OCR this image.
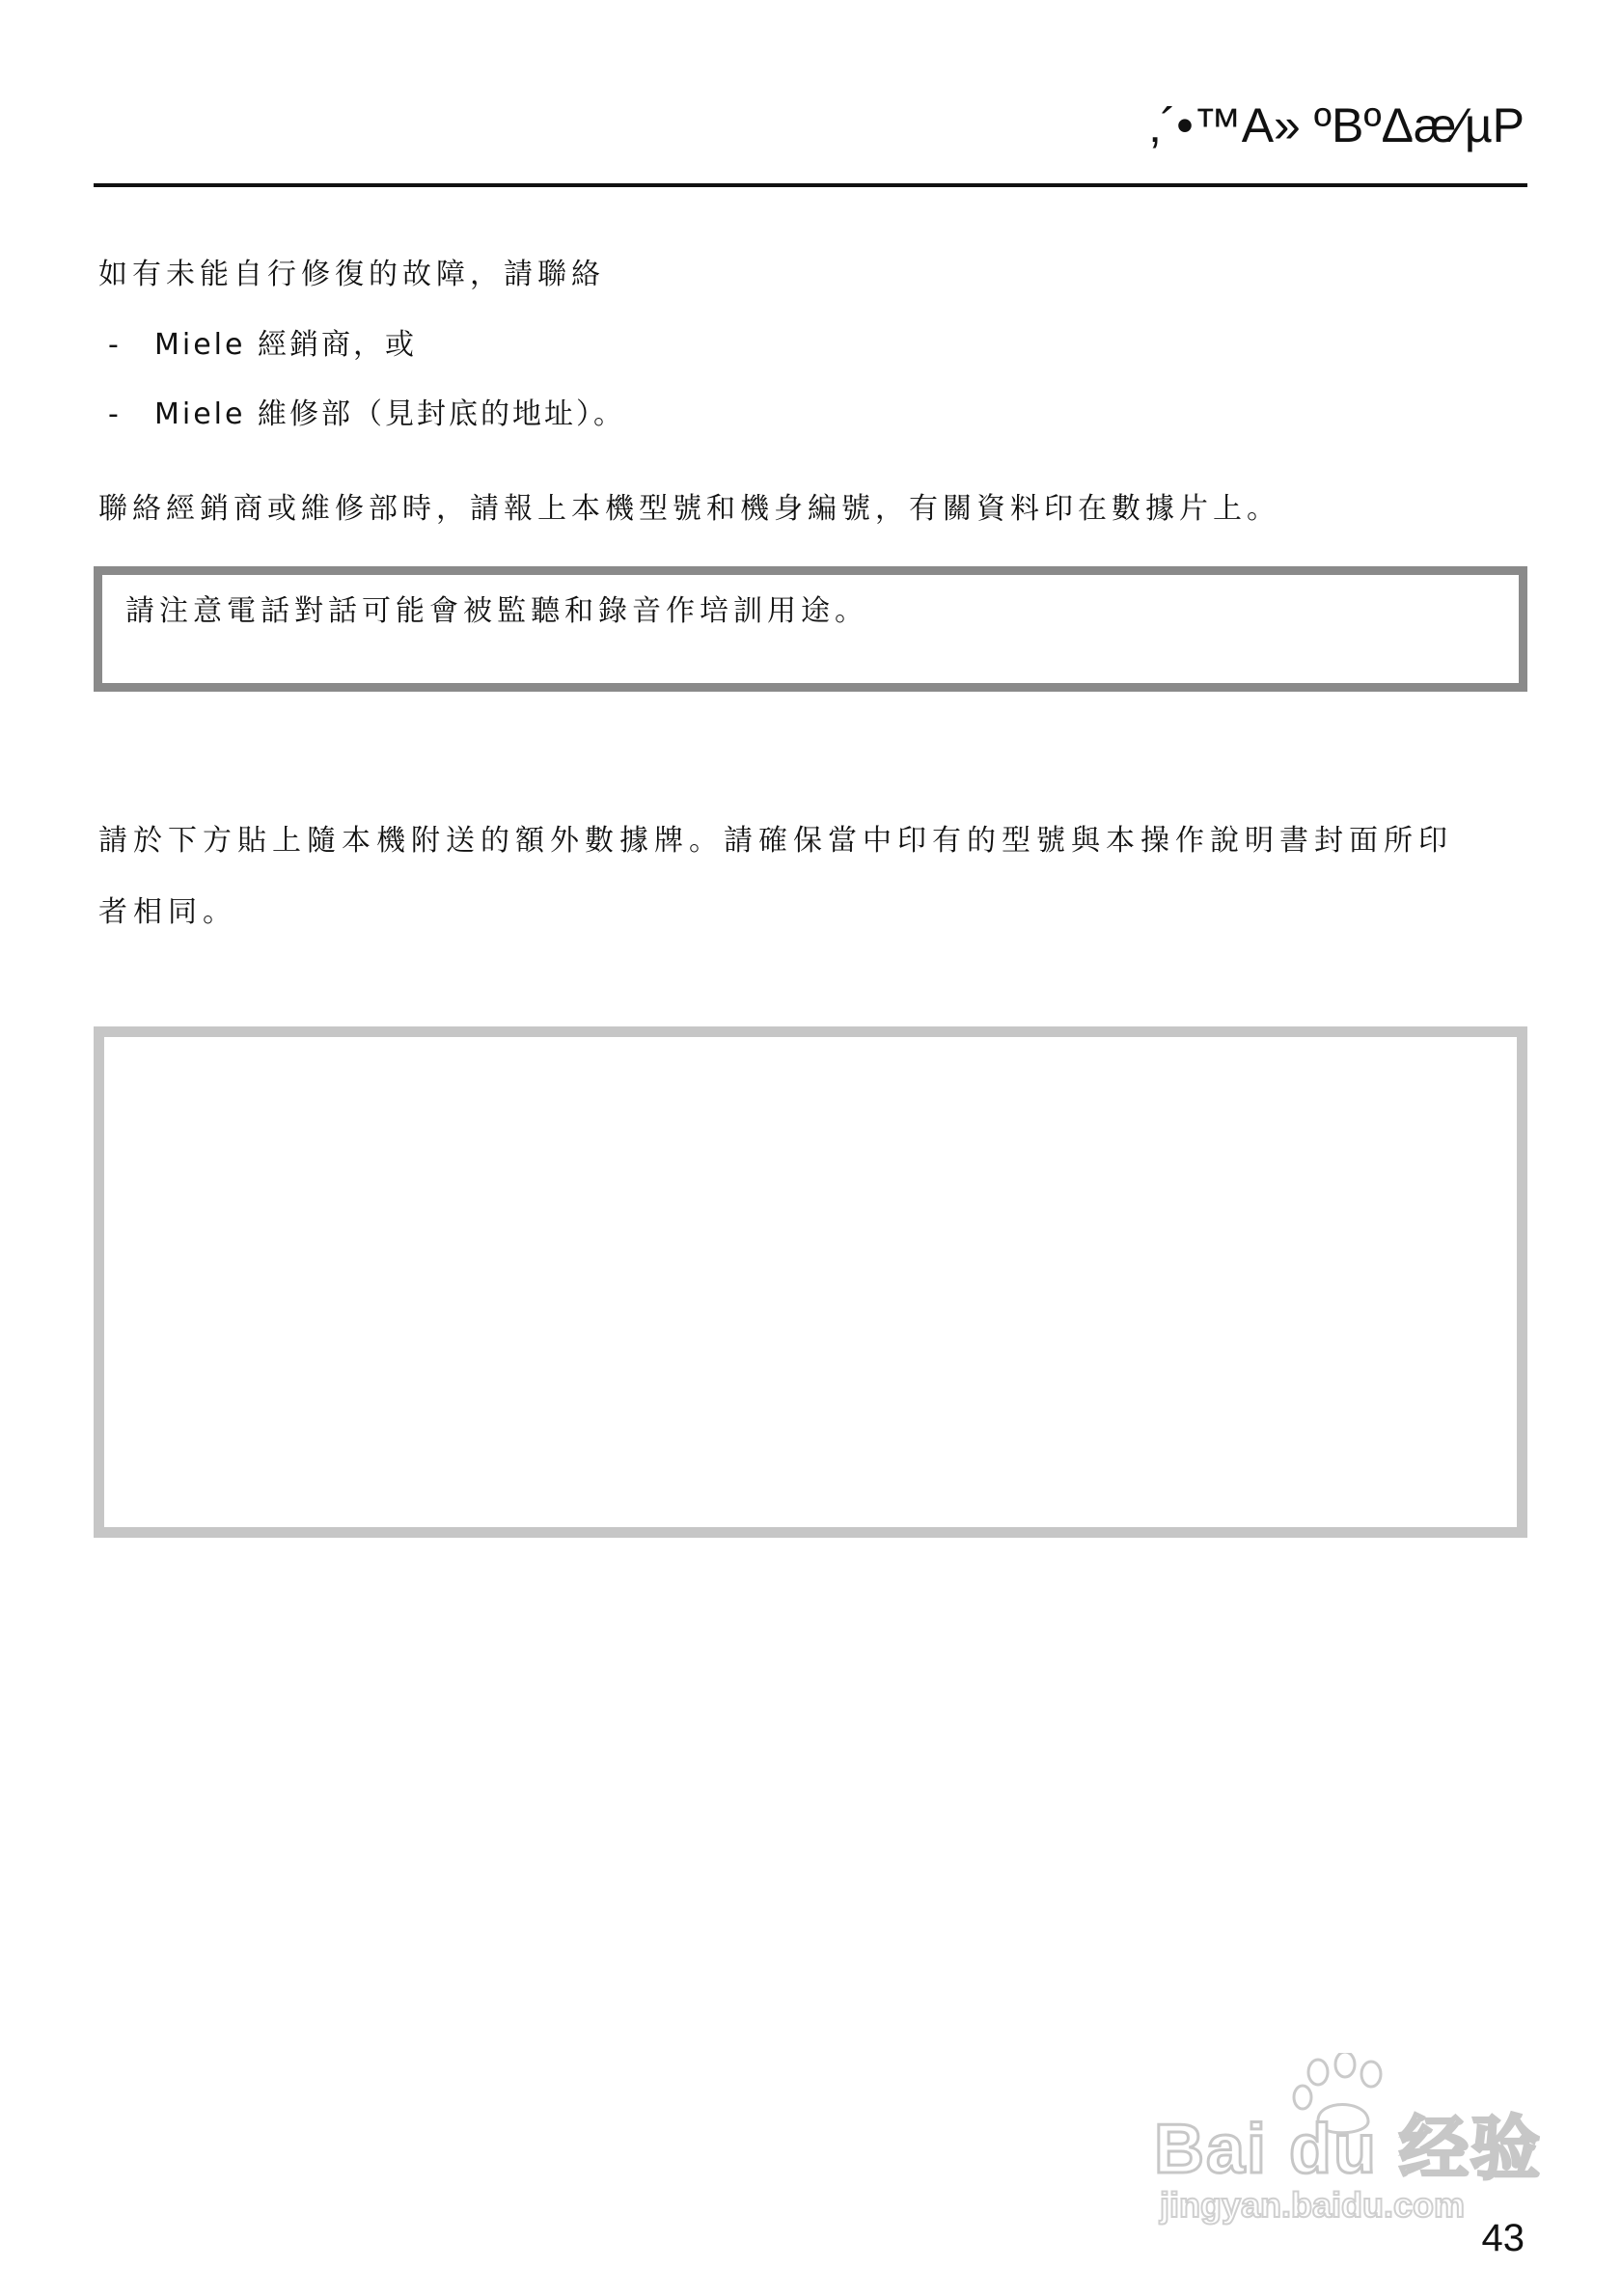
‚´•™A» ºBºΔæ⁄µP
如有未能自行修復的故障，請聯絡
- Miele 經銷商，或
- Miele 維修部（見封底的地址）。
聯絡經銷商或維修部時，請報上本機型號和機身編號，有關資料印在數據片上。
請注意電話對話可能會被監聽和錄音作培訓用途。
請於下方貼上隨本機附送的額外數據牌。請確保當中印有的型號與本操作說明書封面所印
者相同。
Bai du 经验
jingyan.baidu.com
43
